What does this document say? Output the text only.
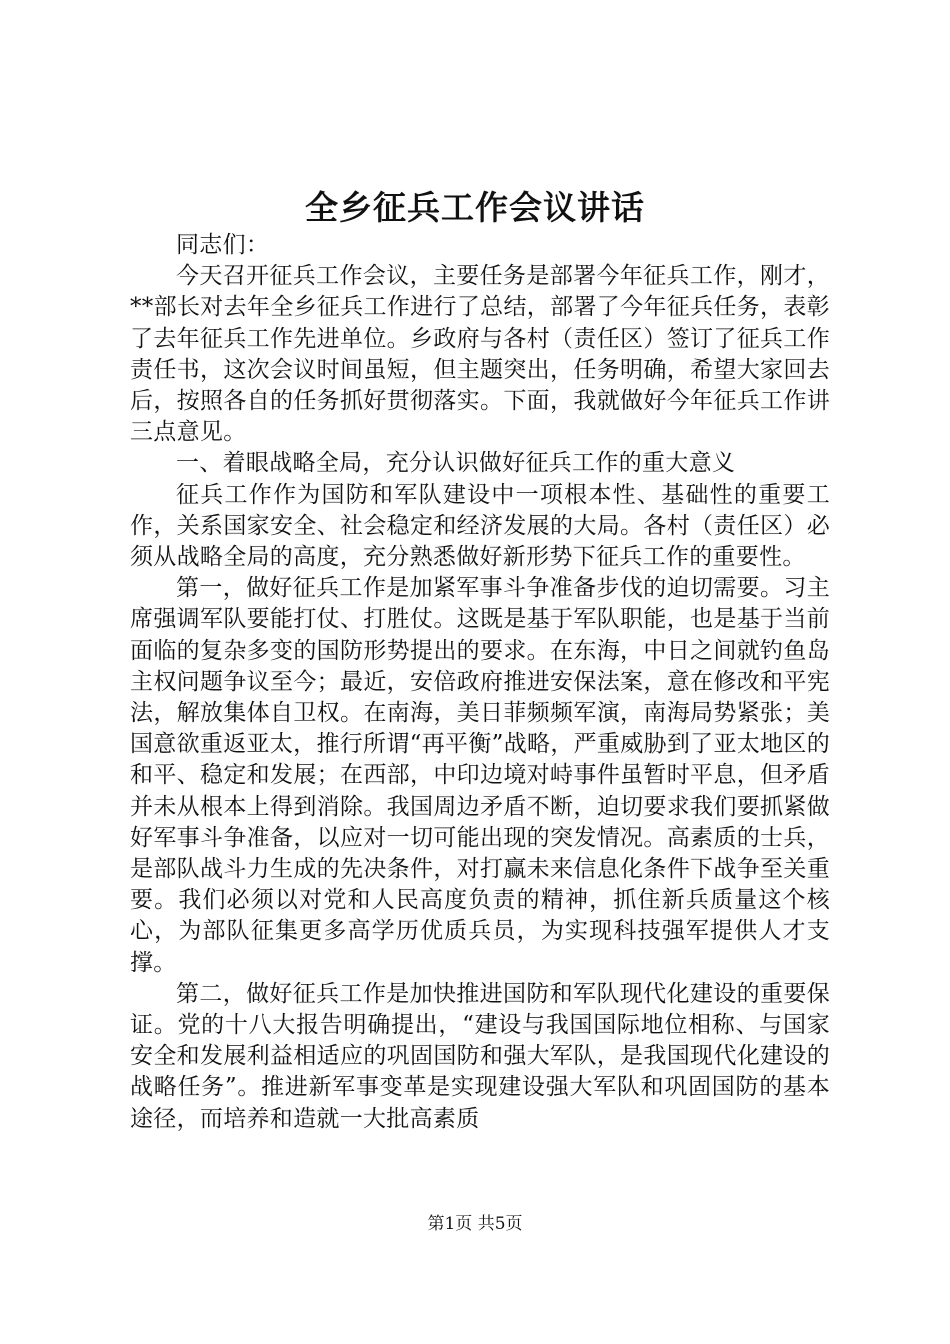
全乡征兵工作会议讲话

同志们：

今天召开征兵工作会议，主要任务是部署今年征兵工作，刚才，**部长对去年全乡征兵工作进行了总结，部署了今年征兵任务，表彰了去年征兵工作先进单位。乡政府与各村（责任区）签订了征兵工作责任书，这次会议时间虽短，但主题突出，任务明确，希望大家回去后，按照各自的任务抓好贯彻落实。下面，我就做好今年征兵工作讲三点意见。

一、着眼战略全局，充分认识做好征兵工作的重大意义

征兵工作作为国防和军队建设中一项根本性、基础性的重要工作，关系国家安全、社会稳定和经济发展的大局。各村（责任区）必须从战略全局的高度，充分熟悉做好新形势下征兵工作的重要性。

第一，做好征兵工作是加紧军事斗争准备步伐的迫切需要。习主席强调军队要能打仗、打胜仗。这既是基于军队职能，也是基于当前面临的复杂多变的国防形势提出的要求。在东海，中日之间就钓鱼岛主权问题争议至今；最近，安倍政府推进安保法案，意在修改和平宪法，解放集体自卫权。在南海，美日菲频频军演，南海局势紧张；美国意欲重返亚太，推行所谓“再平衡”战略，严重威胁到了亚太地区的和平、稳定和发展；在西部，中印边境对峙事件虽暂时平息，但矛盾并未从根本上得到消除。我国周边矛盾不断，迫切要求我们要抓紧做好军事斗争准备，以应对一切可能出现的突发情况。高素质的士兵，是部队战斗力生成的先决条件，对打赢未来信息化条件下战争至关重要。我们必须以对党和人民高度负责的精神，抓住新兵质量这个核心，为部队征集更多高学历优质兵员，为实现科技强军提供人才支撑。

第二，做好征兵工作是加快推进国防和军队现代化建设的重要保证。党的十八大报告明确提出，“建设与我国国际地位相称、与国家安全和发展利益相适应的巩固国防和强大军队，是我国现代化建设的战略任务”。推进新军事变革是实现建设强大军队和巩固国防的基本途径，而培养和造就一大批高素质

第1页 共5页
